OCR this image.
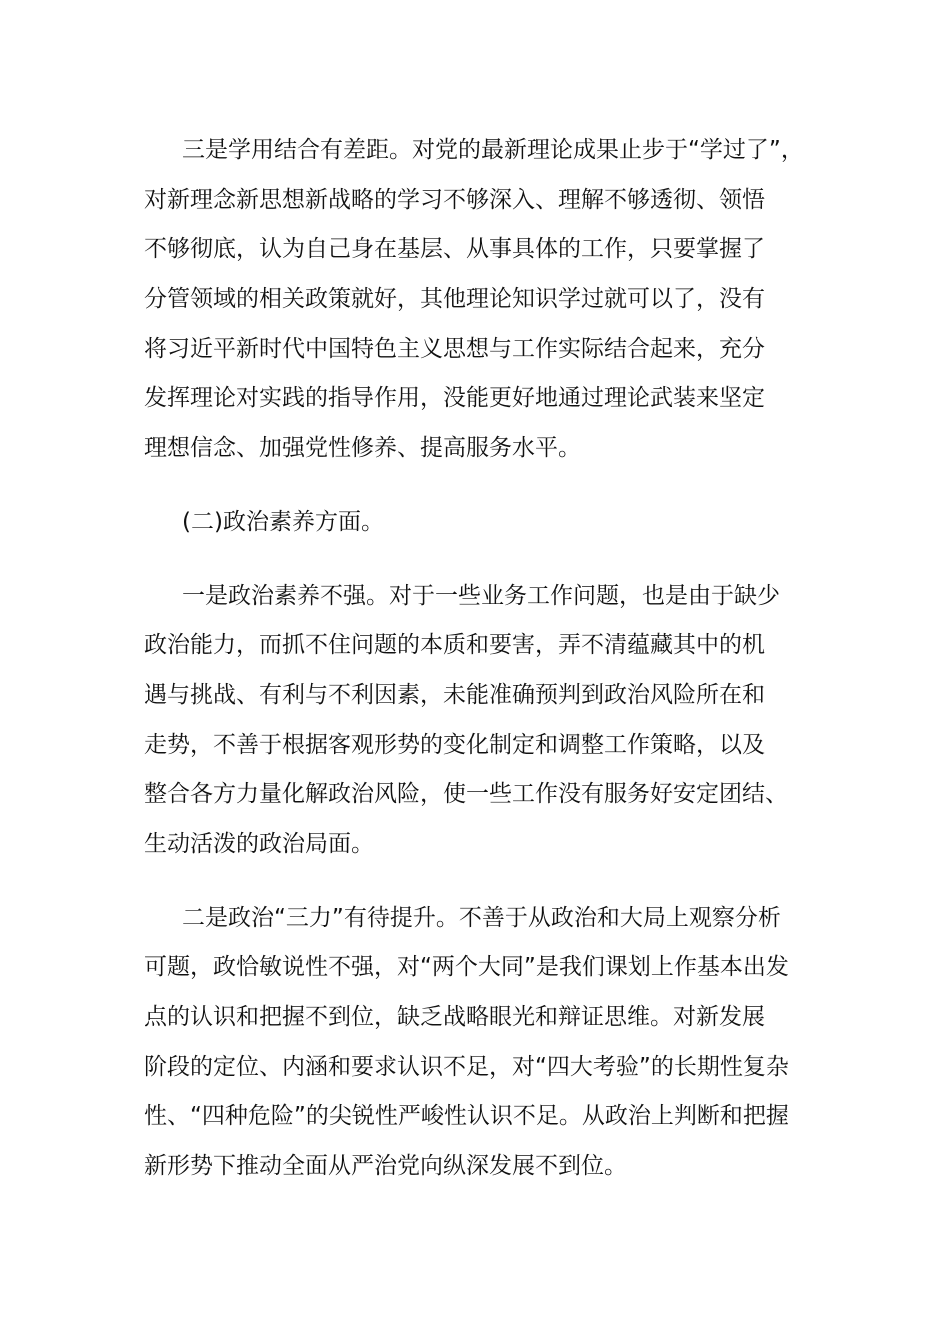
三是学用结合有差距。对党的最新理论成果止步于“学过了”，
对新理念新思想新战略的学习不够深入、理解不够透彻、领悟
不够彻底，认为自己身在基层、从事具体的工作，只要掌握了
分管领域的相关政策就好，其他理论知识学过就可以了，没有
将习近平新时代中国特色主义思想与工作实际结合起来，充分
发挥理论对实践的指导作用，没能更好地通过理论武装来坚定
理想信念、加强党性修养、提高服务水平。
(二)政治素养方面。
一是政治素养不强。对于一些业务工作问题，也是由于缺少
政治能力，而抓不住问题的本质和要害，弄不清蕴藏其中的机
遇与挑战、有利与不利因素，未能准确预判到政治风险所在和
走势，不善于根据客观形势的变化制定和调整工作策略，以及
整合各方力量化解政治风险，使一些工作没有服务好安定团结、
生动活泼的政治局面。
二是政治“三力”有待提升。不善于从政治和大局上观察分析
可题，政恰敏说性不强，对“两个大同”是我们课划上作基本出发
点的认识和把握不到位，缺乏战略眼光和辩证思维。对新发展
阶段的定位、内涵和要求认识不足，对“四大考验”的长期性复杂
性、“四种危险”的尖锐性严峻性认识不足。从政治上判断和把握
新形势下推动全面从严治党向纵深发展不到位。
